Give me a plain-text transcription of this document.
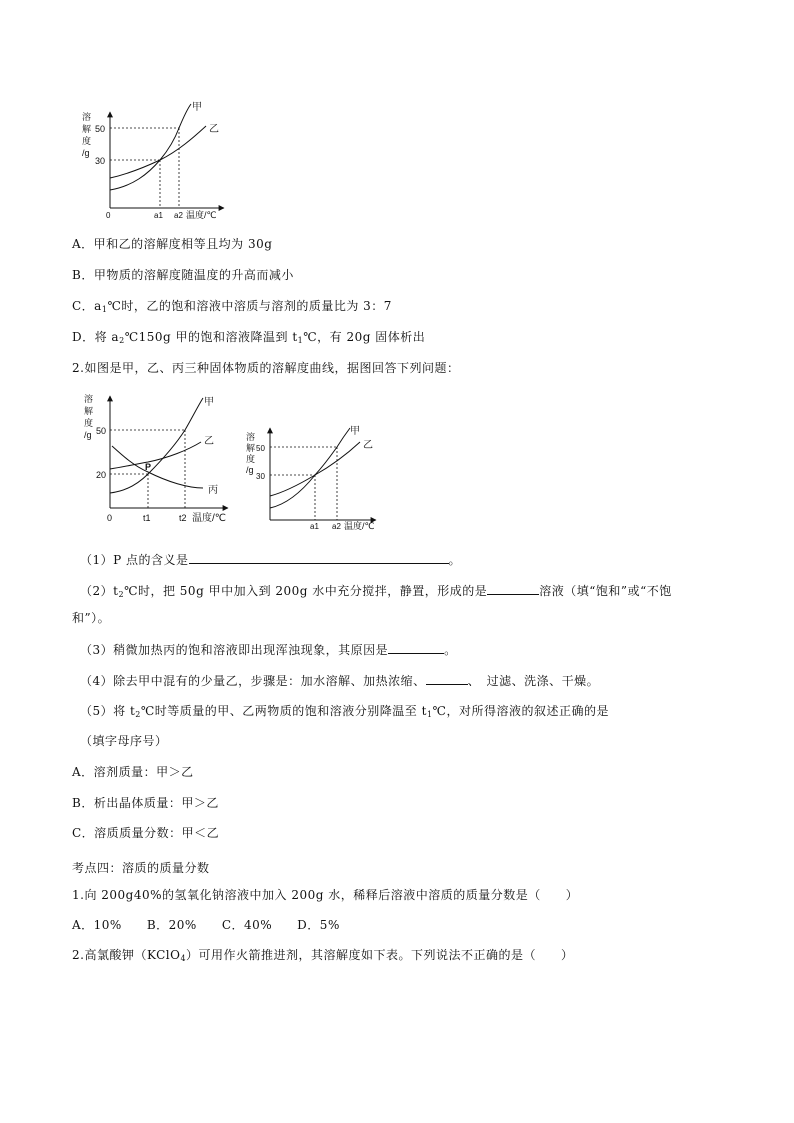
溶
解
度
/g
50
30
0	a1 a2 温度/℃
甲
乙
A．甲和乙的溶解度相等且均为 30g
B．甲物质的溶解度随温度的升高而减小
C．$a_1℃$时，乙的饱和溶液中溶质与溶剂的质量比为 3：7
D．将 $a_2℃150g$ 甲的饱和溶液降温到 $t_1℃$，有 20g 固体析出
2.如图是甲，乙、丙三种固体物质的溶解度曲线，据图回答下列问题：
溶
解
度
/g 50
20
0	t1	t2 温度/℃
P
甲
乙
丙
溶
解
度
/g
50
30
a1 a2 温度/℃
甲
乙
（1）P 点的含义是	。
$(2)t_2℃$时，把 50g 甲中加入到 200g 水中充分搅拌，静置，形成的是	溶液（填“饱和”或“不饱
和”）。
（3）稍微加热丙的饱和溶液即出现浑浊现象，其原因是	。
（4）除去甲中混有的少量乙，步骤是：加水溶解、加热浓缩、	、　过滤、洗涤、干燥。
（5）将 $t_2℃$时等质量的甲、乙两物质的饱和溶液分别降温至 $t_1℃$，对所得溶液的叙述正确的是
（填字母序号）
A．溶剂质量：甲＞乙
B．析出晶体质量：甲＞乙
C．溶质质量分数：甲＜乙
考点四：溶质的质量分数
1.向 200g40%的氢氧化钠溶液中加入 200g 水，稀释后溶液中溶质的质量分数是（　　）
A．10%　　B．20%　　C．40%　　D．5%
2.高氯酸钾（KClO$_4$）可用作火箭推进剂，其溶解度如下表。下列说法不正确的是（　　）
